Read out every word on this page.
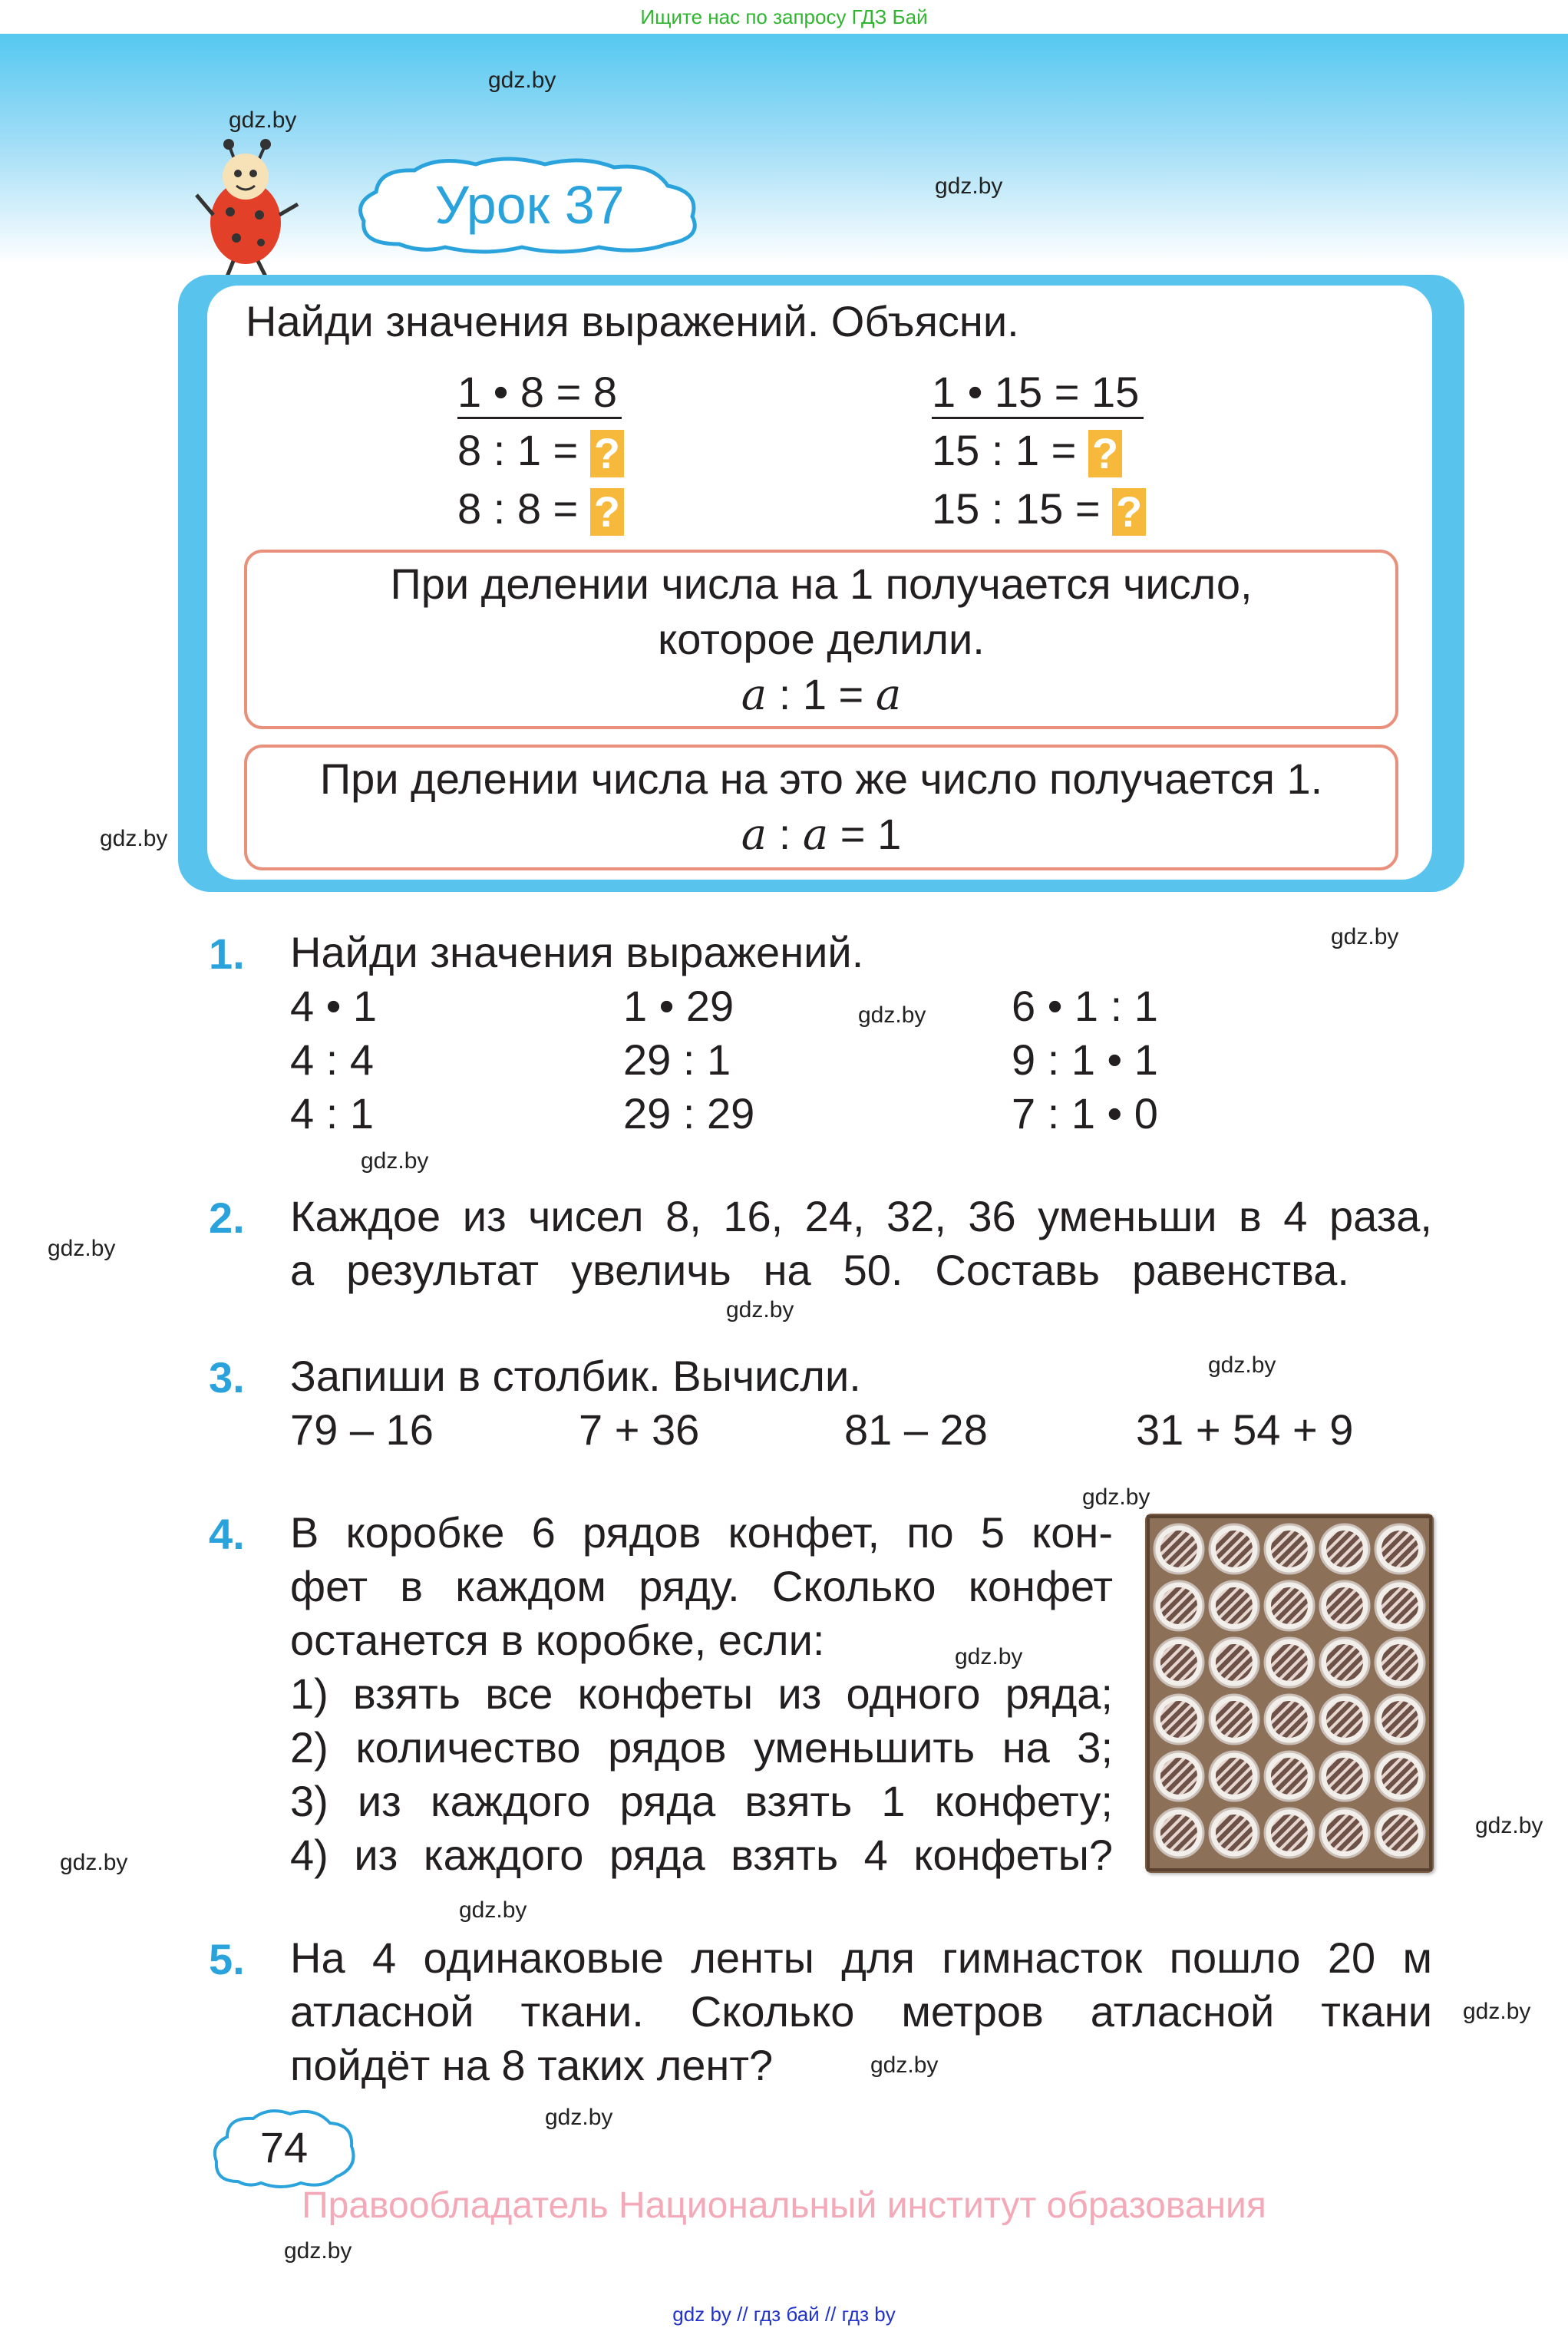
Ищите нас по запросу ГДЗ Бай
gdz.by
gdz.by
gdz.by
gdz.by
gdz.by
gdz.by
gdz.by
gdz.by
gdz.by
gdz.by
gdz.by
gdz.by
gdz.by
gdz.by
gdz.by
gdz.by
gdz.by
gdz.by
gdz.by
Урок 37
Найди значения выражений. Объясни.
1 • 8 = 8
8 : 1 = ?
8 : 8 = ?
1 • 15 = 15
15 : 1 = ?
15 : 15 = ?
При делении числа на 1 получается число,
которое делили.
a : 1 = a
При делении числа на это же число получается 1.
a : a = 1
1. Найди значения выражений.
4 • 1
4 : 4
4 : 1
1 • 29
29 : 1
29 : 29
6 • 1 : 1
9 : 1 • 1
7 : 1 • 0
2. Каждое из чисел 8, 16, 24, 32, 36 уменьши в 4 раза,
а результат увеличь на 50. Составь равенства.
3. Запиши в столбик. Вычисли.
79 – 16	7 + 36	81 – 28	31 + 54 + 9
4. В коробке 6 рядов конфет, по 5 кон-
фет в каждом ряду. Сколько конфет
останется в коробке, если:
1) взять все конфеты из одного ряда;
2) количество рядов уменьшить на 3;
3) из каждого ряда взять 1 конфету;
4) из каждого ряда взять 4 конфеты?
5. На 4 одинаковые ленты для гимнасток пошло 20 м
атласной ткани. Сколько метров атласной ткани
пойдёт на 8 таких лент?
74
Правообладатель Национальный институт образования
gdz by // гдз бай // гдз by
